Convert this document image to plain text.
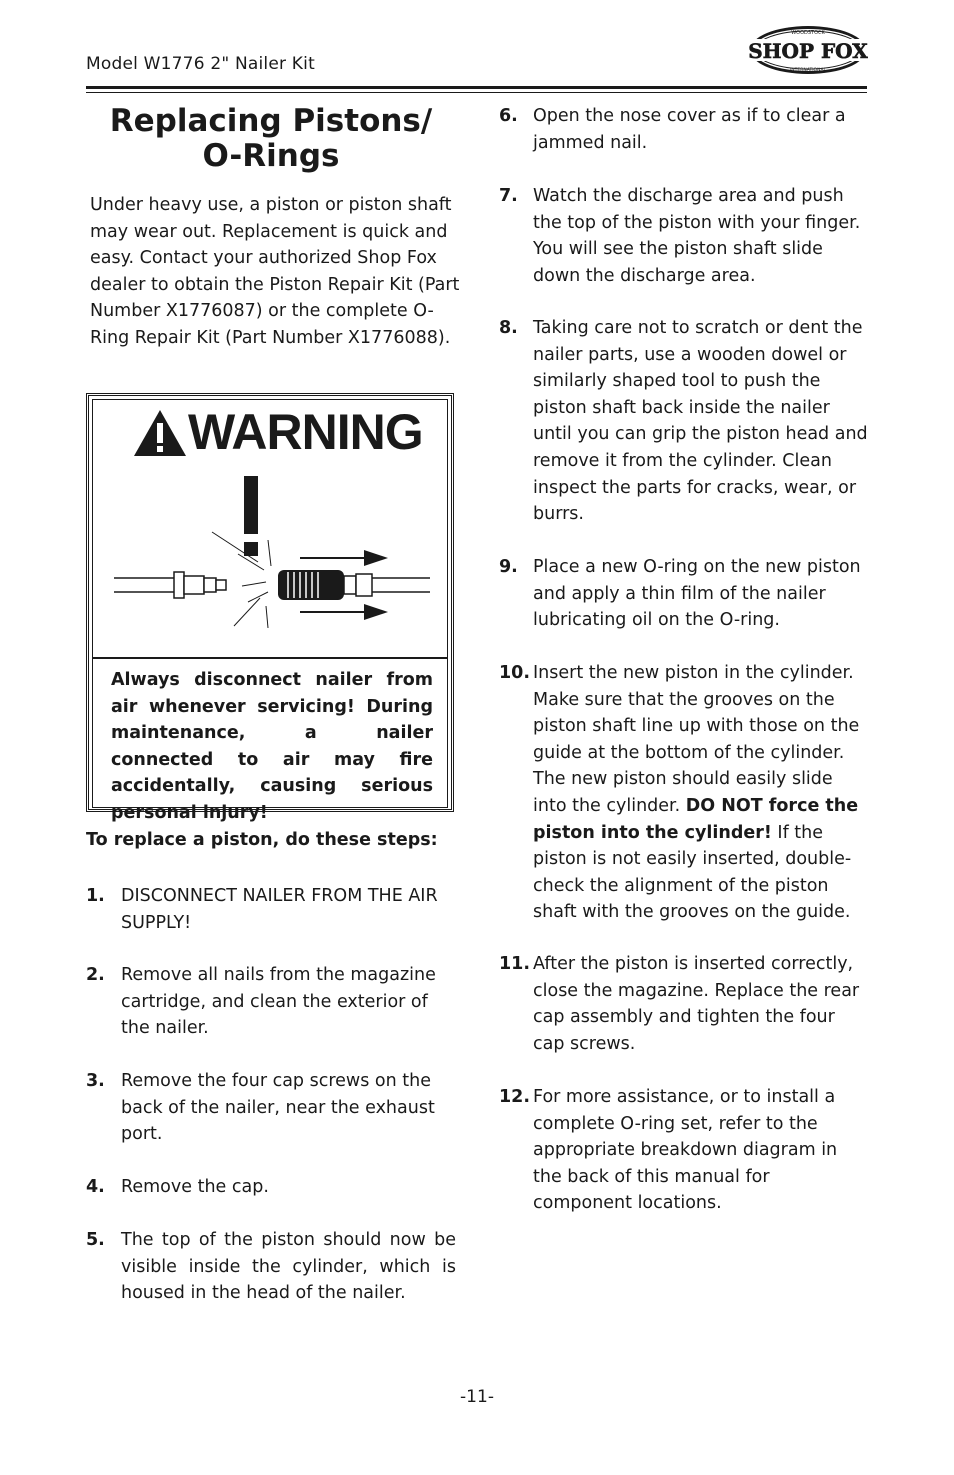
Model W1776 2" Nailer Kit
SHOP FOX
WOODSTOCK
INTERNATIONAL
Replacing Pistons/
O-Rings
Under heavy use, a piston or piston shaft may wear out. Replacement is quick and easy. Contact your authorized Shop Fox dealer to obtain the Piston Repair Kit (Part Number X1776087) or the complete O-Ring Repair Kit (Part Number X1776088).
WARNING
Always disconnect nailer from air whenever servicing! During maintenance, a nailer connected to air may fire accidentally, causing serious personal injury!
To replace a piston, do these steps:
1. DISCONNECT NAILER FROM THE AIR SUPPLY!
2. Remove all nails from the magazine cartridge, and clean the exterior of the nailer.
3. Remove the four cap screws on the back of the nailer, near the exhaust port.
4. Remove the cap.
5. The top of the piston should now be visible inside the cylinder, which is housed in the head of the nailer.
6. Open the nose cover as if to clear a jammed nail.
7. Watch the discharge area and push the top of the piston with your finger. You will see the piston shaft slide down the discharge area.
8. Taking care not to scratch or dent the nailer parts, use a wooden dowel or similarly shaped tool to push the piston shaft back inside the nailer until you can grip the piston head and remove it from the cylinder. Clean inspect the parts for cracks, wear, or burrs.
9. Place a new O-ring on the new piston and apply a thin film of the nailer lubricating oil on the O-ring.
10. Insert the new piston in the cylinder. Make sure that the grooves on the piston shaft line up with those on the guide at the bottom of the cylinder. The new piston should easily slide into the cylinder. DO NOT force the piston into the cylinder! If the piston is not easily inserted, double-check the alignment of the piston shaft with the grooves on the guide.
11. After the piston is inserted correctly, close the magazine. Replace the rear cap assembly and tighten the four cap screws.
12. For more assistance, or to install a complete O-ring set, refer to the appropriate breakdown diagram in the back of this manual for component locations.
-11-
